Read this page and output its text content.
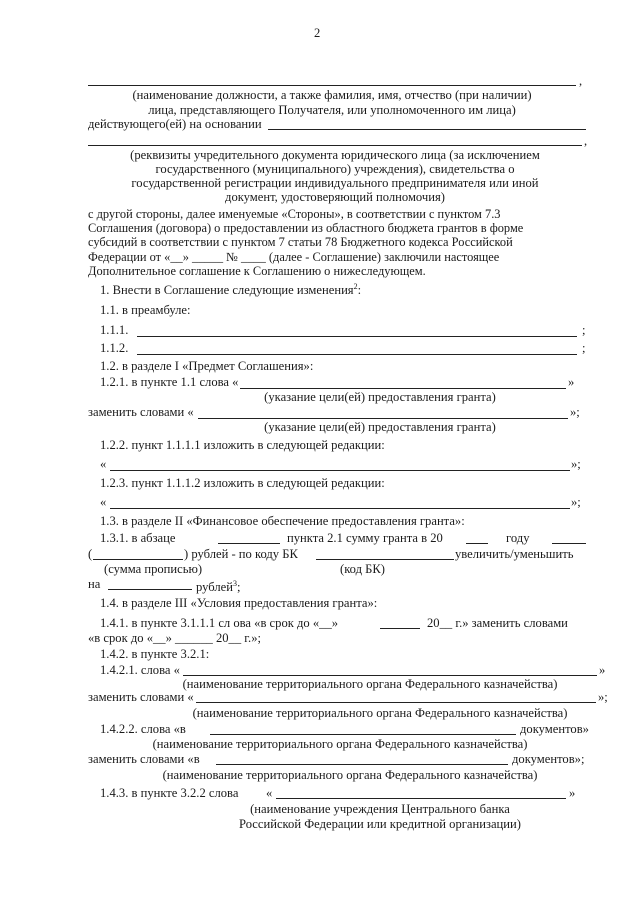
2
,
(наименование должности, а также фамилия, имя, отчество (при наличии)
лица, представляющего Получателя, или уполномоченного им лица)
действующего(ей) на основании
,
(реквизиты учредительного документа юридического лица (за исключением
государственного (муниципального) учреждения), свидетельства о
государственной регистрации индивидуального предпринимателя или иной
документ, удостоверяющий полномочия)
с другой стороны, далее именуемые «Стороны», в соответствии с пунктом 7.3
Соглашения (договора) о предоставлении из областного бюджета грантов в форме
субсидий в соответствии с пунктом 7 статьи 78 Бюджетного кодекса Российской
Федерации от «__» _____ № ____ (далее - Соглашение) заключили настоящее
Дополнительное соглашение к Соглашению о нижеследующем.
1. Внести в Соглашение следующие изменения$^2$:
1.1. в преамбуле:
1.1.1.	;
1.1.2.	;
1.2. в разделе I «Предмет Соглашения»:
1.2.1. в пункте 1.1 слова «	»
(указание цели(ей) предоставления гранта)
заменить словами «	»;
(указание цели(ей) предоставления гранта)
1.2.2. пункт 1.1.1.1 изложить в следующей редакции:
«	»;
1.2.3. пункт 1.1.1.2 изложить в следующей редакции:
«	»;
1.3. в разделе II «Финансовое обеспечение предоставления гранта»:
1.3.1. в абзаце	пункта 2.1 сумму гранта в 20	году
(	) рублей - по коду БК	увеличить/уменьшить
(сумма прописью)	(код БК)
на	рублей$^3$;
1.4. в разделе III «Условия предоставления гранта»:
1.4.1. в пункте 3.1.1.1 сл ова «в срок до «__»	20__ г.» заменить словами
«в срок до «__» ______ 20__ г.»;
1.4.2. в пункте 3.2.1:
1.4.2.1. слова «	»
(наименование территориального органа Федерального казначейства)
заменить словами «	»;
(наименование территориального органа Федерального казначейства)
1.4.2.2. слова «в	документов»
(наименование территориального органа Федерального казначейства)
заменить словами «в	документов»;
(наименование территориального органа Федерального казначейства)
1.4.3. в пункте 3.2.2 слова «	»
(наименование учреждения Центрального банка
Российской Федерации или кредитной организации)
